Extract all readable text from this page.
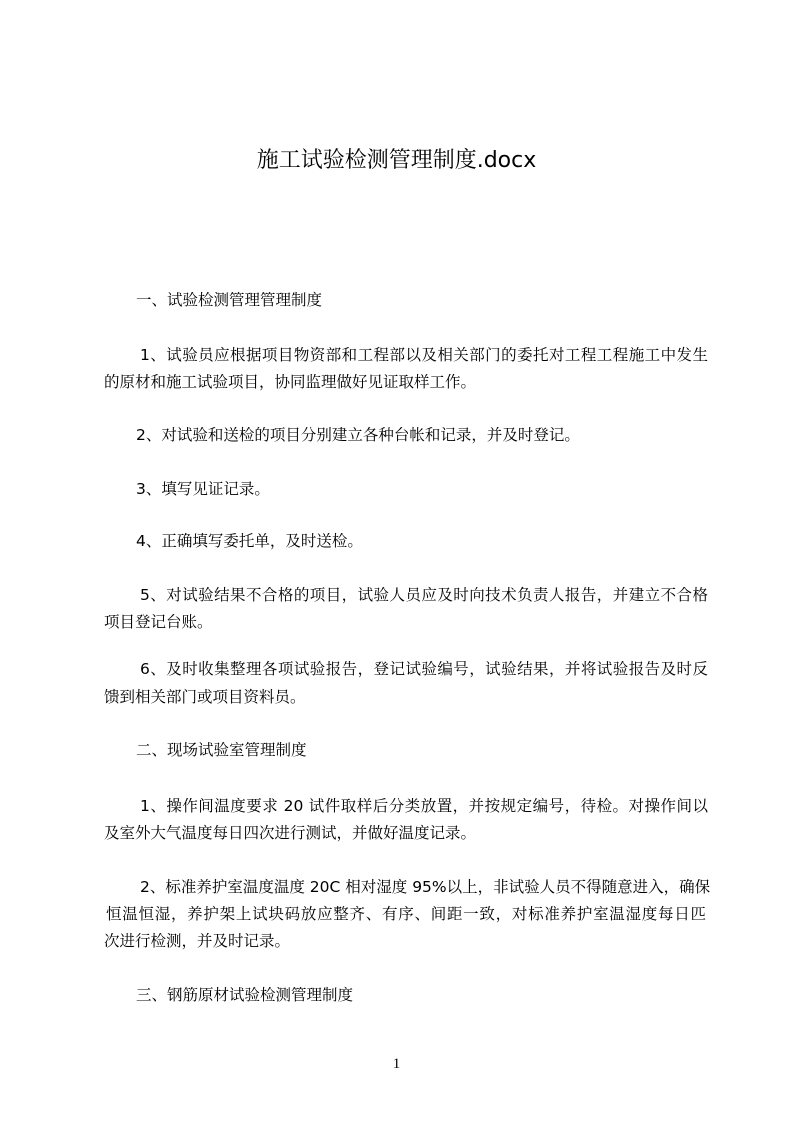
施工试验检测管理制度.docx
一、试验检测管理管理制度
1、试验员应根据项目物资部和工程部以及相关部门的委托对工程工程施工中发生
的原材和施工试验项目，协同监理做好见证取样工作。
2、对试验和送检的项目分别建立各种台帐和记录，并及时登记。
3、填写见证记录。
4、正确填写委托单，及时送检。
5、对试验结果不合格的项目，试验人员应及时向技术负责人报告，并建立不合格
项目登记台账。
6、及时收集整理各项试验报告，登记试验编号，试验结果，并将试验报告及时反
馈到相关部门或项目资料员。
二、现场试验室管理制度
1、操作间温度要求 20 试件取样后分类放置，并按规定编号，待检。对操作间以
及室外大气温度每日四次进行测试，并做好温度记录。
2、标准养护室温度温度 20C 相对湿度 95%以上，非试验人员不得随意进入，确保
恒温恒湿，养护架上试块码放应整齐、有序、间距一致，对标准养护室温湿度每日匹
次进行检测，并及时记录。
三、钢筋原材试验检测管理制度
1
